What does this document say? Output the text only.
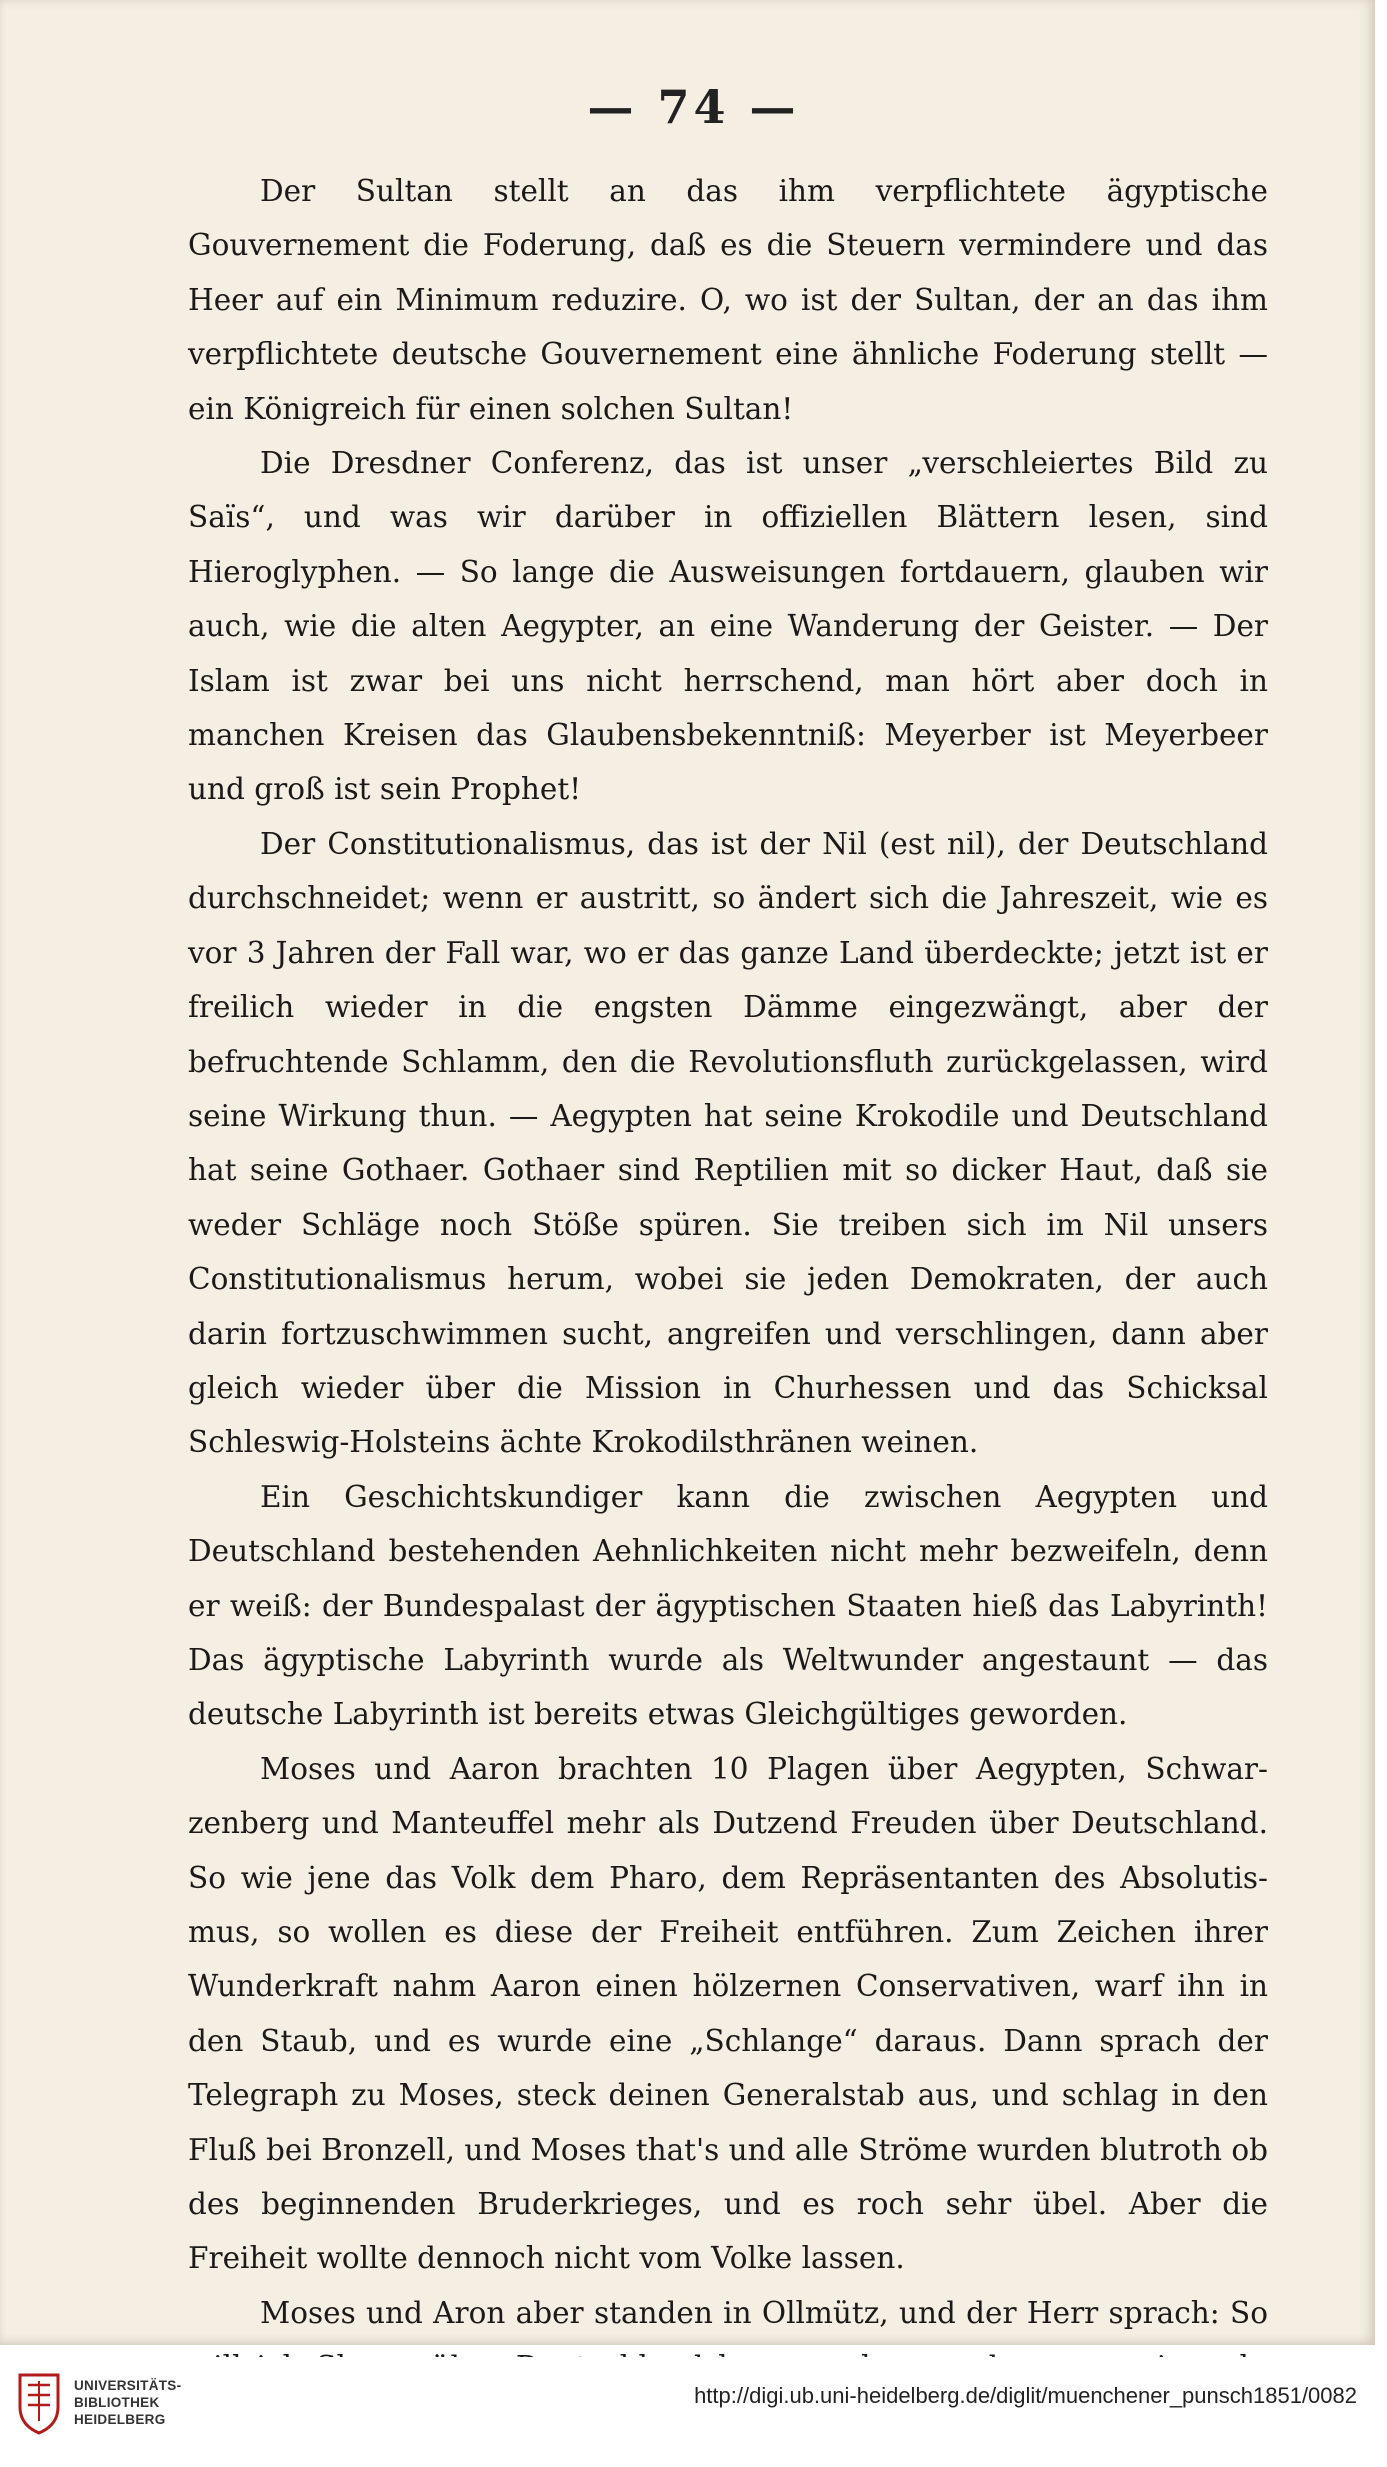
— 74 —

Der Sultan stellt an das ihm verpflichtete ägyptische Gouvernement die Foderung, daß es die Steuern verminderе und das Heer auf ein Minimum reduzire. O, wo ist der Sultan, der an das ihm verpflichtete deutsche Gouvernement eine ähnliche Foderung stellt — ein Königreich für einen solchen Sultan!

Die Dresdner Conferenz, das ist unser „verschleiertes Bild zu Saïs“, und was wir darüber in offiziellen Blättern lesen, sind Hieroglyphen. — So lange die Ausweisungen fortdauern, glauben wir auch, wie die alten Aegypter, an eine Wanderung der Geister. — Der Islam ist zwar bei uns nicht herrschend, man hört aber doch in manchen Kreisen das Glaubensbekenntniß: Meyerber ist Meyerbeer und groß ist sein Prophet!

Der Constitutionalismus, das ist der Nil (est nil), der Deutschland durchschneidet; wenn er austritt, so ändert sich die Jahreszeit, wie es vor 3 Jahren der Fall war, wo er das ganze Land überdeckte; jetzt ist er freilich wieder in die engsten Dämme eingezwängt, aber der befruchtende Schlamm, den die Revolutionsfluth zurückgelassen, wird seine Wirkung thun. — Aegypten hat seine Krokodile und Deutschland hat seine Gothaer. Gothaer sind Reptilien mit so dicker Haut, daß sie weder Schläge noch Stöße spüren. Sie treiben sich im Nil unsers Constitutionalismus herum, wobei sie jeden Demokraten, der auch darin fortzuschwimmen sucht, angreifen und verschlingen, dann aber gleich wieder über die Mission in Churhessen und das Schicksal Schleswig-Holsteins ächte Krokodilsthränen weinen.

Ein Geschichtskundiger kann die zwischen Aegypten und Deutschland bestehenden Aehnlichkeiten nicht mehr bezweifeln, denn er weiß: der Bundespalast der ägyptischen Staaten hieß das Labyrinth! Das ägyptische Labyrinth wurde als Weltwunder angestaunt — das deutsche Labyrinth ist bereits etwas Gleichgültiges geworden.

Moses und Aaron brachten 10 Plagen über Aegypten, Schwarzenberg und Manteuffel mehr als Dutzend Freuden über Deutschland. So wie jene das Volk dem Pharo, dem Repräsentanten des Absolutismus, so wollen es diese der Freiheit entführen. Zum Zeichen ihrer Wunderkraft nahm Aaron einen hölzernen Conservativen, warf ihn in den Staub, und es wurde eine „Schlange“ daraus. Dann sprach der Telegraph zu Moses, steck deinen Generalstab aus, und schlag in den Fluß bei Bronzell, und Moses that's und alle Ströme wurden blutroth ob des beginnenden Bruderkrieges, und es roch sehr übel. Aber die Freiheit wollte dennoch nicht vom Volke lassen.

Moses und Aron aber standen in Ollmütz, und der Herr sprach: So

UNIVERSITÄTS-
BIBLIOTHEK
HEIDELBERG
http://digi.ub.uni-heidelberg.de/diglit/muenchener_punsch1851/0082
